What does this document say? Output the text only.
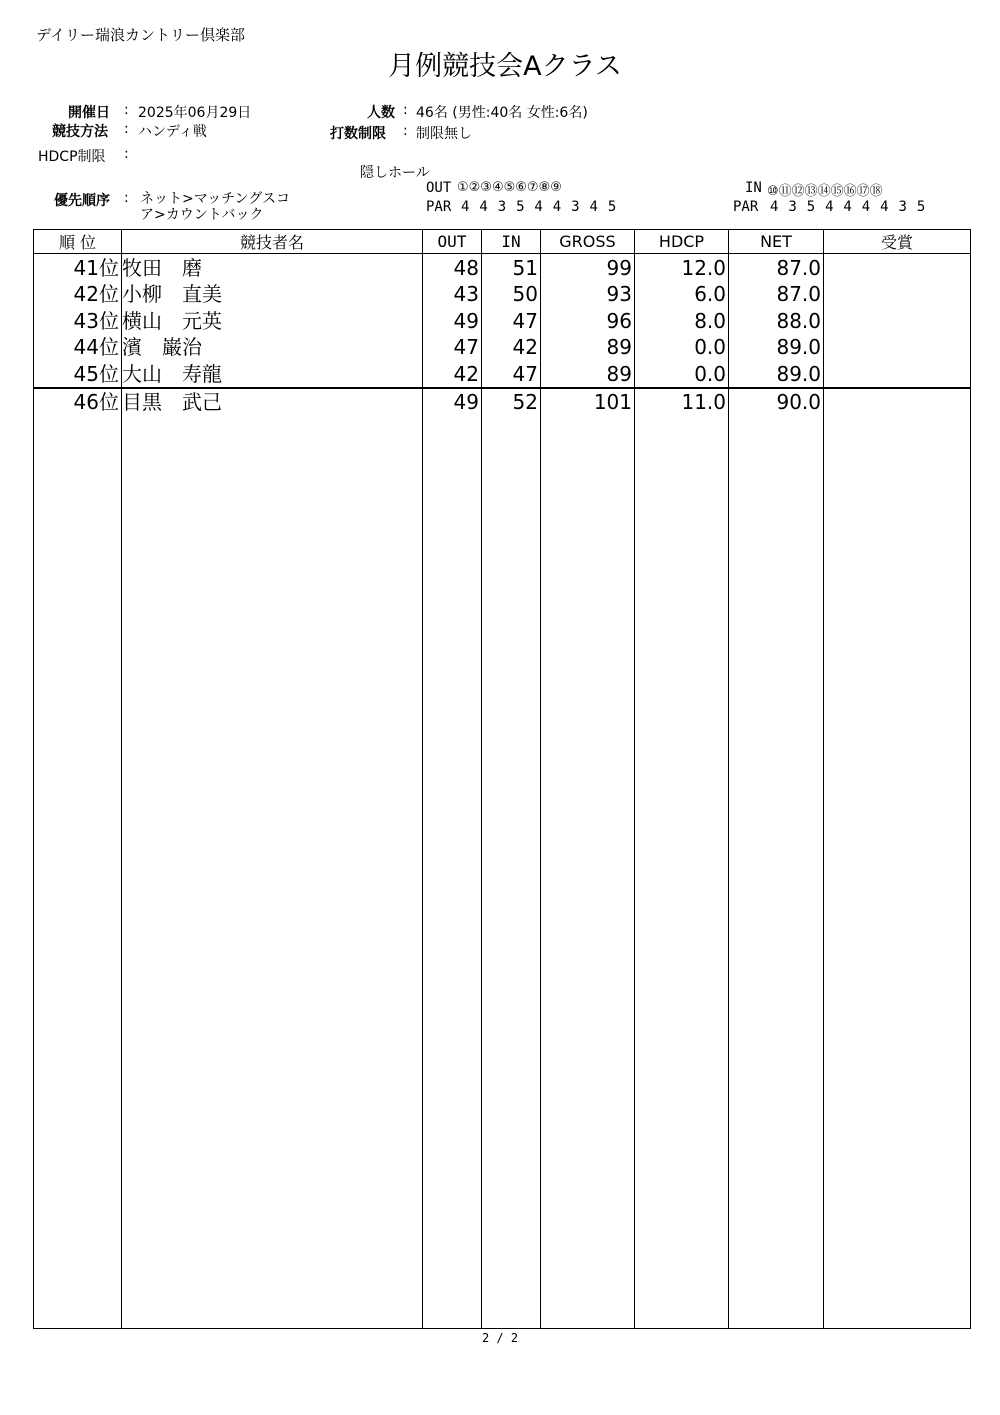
デイリー瑞浪カントリー倶楽部
月例競技会Aクラス
開催日 : 2025年06月29日
競技方法 : ハンディ戦
HDCP制限 :
人数 : 46名 (男性:40名 女性:6名)
打数制限 : 制限無し
隠しホール
優先順序 : ネット>マッチングスコ
ア>カウントバック
OUT ①②③④⑤⑥⑦⑧⑨
PAR 4 4 3 5 4 4 3 4 5
IN ⑩⑪⑫⑬⑭⑮⑯⑰⑱
PAR 4 3 5 4 4 4 4 3 5
順 位	競技者名	OUT	IN	GROSS	HDCP	NET	受賞
41位	牧田　磨	48	51	99	12.0	87.0	
42位	小柳　直美	43	50	93	6.0	87.0	
43位	横山　元英	49	47	96	8.0	88.0	
44位	濱　巌治	47	42	89	0.0	89.0	
45位	大山　寿龍	42	47	89	0.0	89.0	
46位	目黒　武己	49	52	101	11.0	90.0	

2 / 2
